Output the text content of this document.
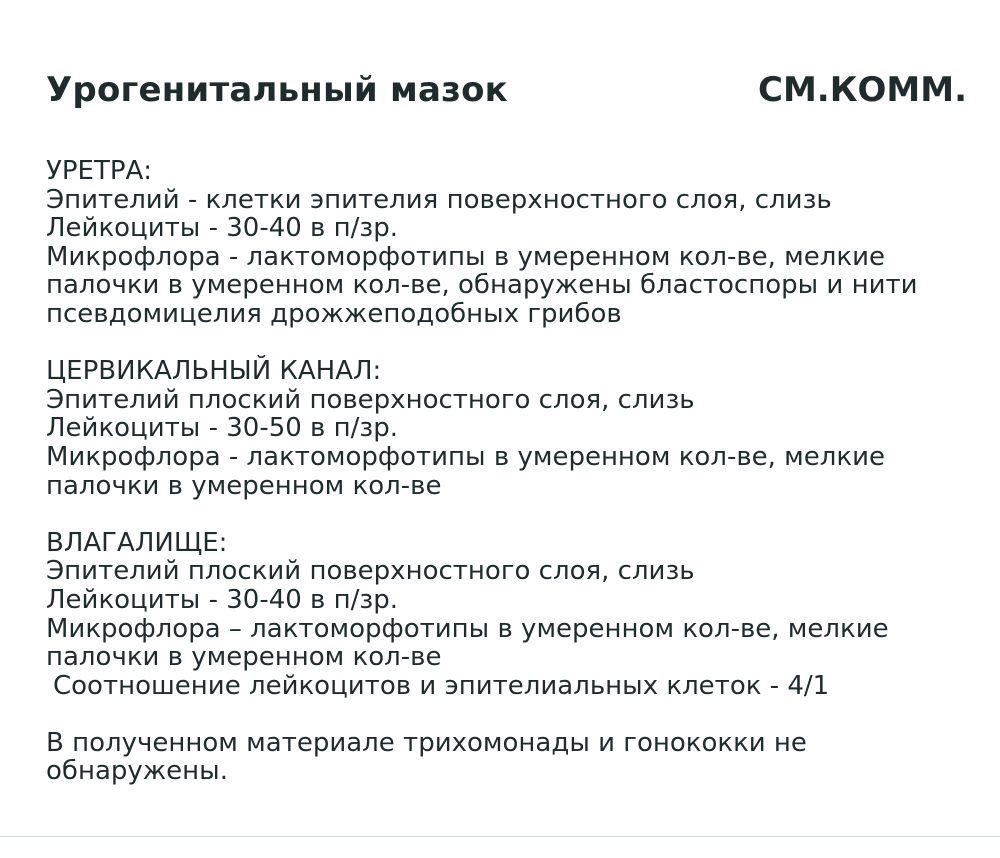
Урогенитальный мазок	СМ.КОММ.
УРЕТРА:
Эпителий - клетки эпителия поверхностного слоя, слизь
Лейкоциты - 30-40 в п/зр.
Микрофлора - лактоморфотипы в умеренном кол-ве, мелкие
палочки в умеренном кол-ве, обнаружены бластоспоры и нити
псевдомицелия дрожжеподобных грибов
ЦЕРВИКАЛЬНЫЙ КАНАЛ:
Эпителий плоский поверхностного слоя, слизь
Лейкоциты - 30-50 в п/зр.
Микрофлора - лактоморфотипы в умеренном кол-ве, мелкие
палочки в умеренном кол-ве
ВЛАГАЛИЩЕ:
Эпителий плоский поверхностного слоя, слизь
Лейкоциты - 30-40 в п/зр.
Микрофлора – лактоморфотипы в умеренном кол-ве, мелкие
палочки в умеренном кол-ве
Соотношение лейкоцитов и эпителиальных клеток - 4/1
В полученном материале трихомонады и гонококки не
обнаружены.
